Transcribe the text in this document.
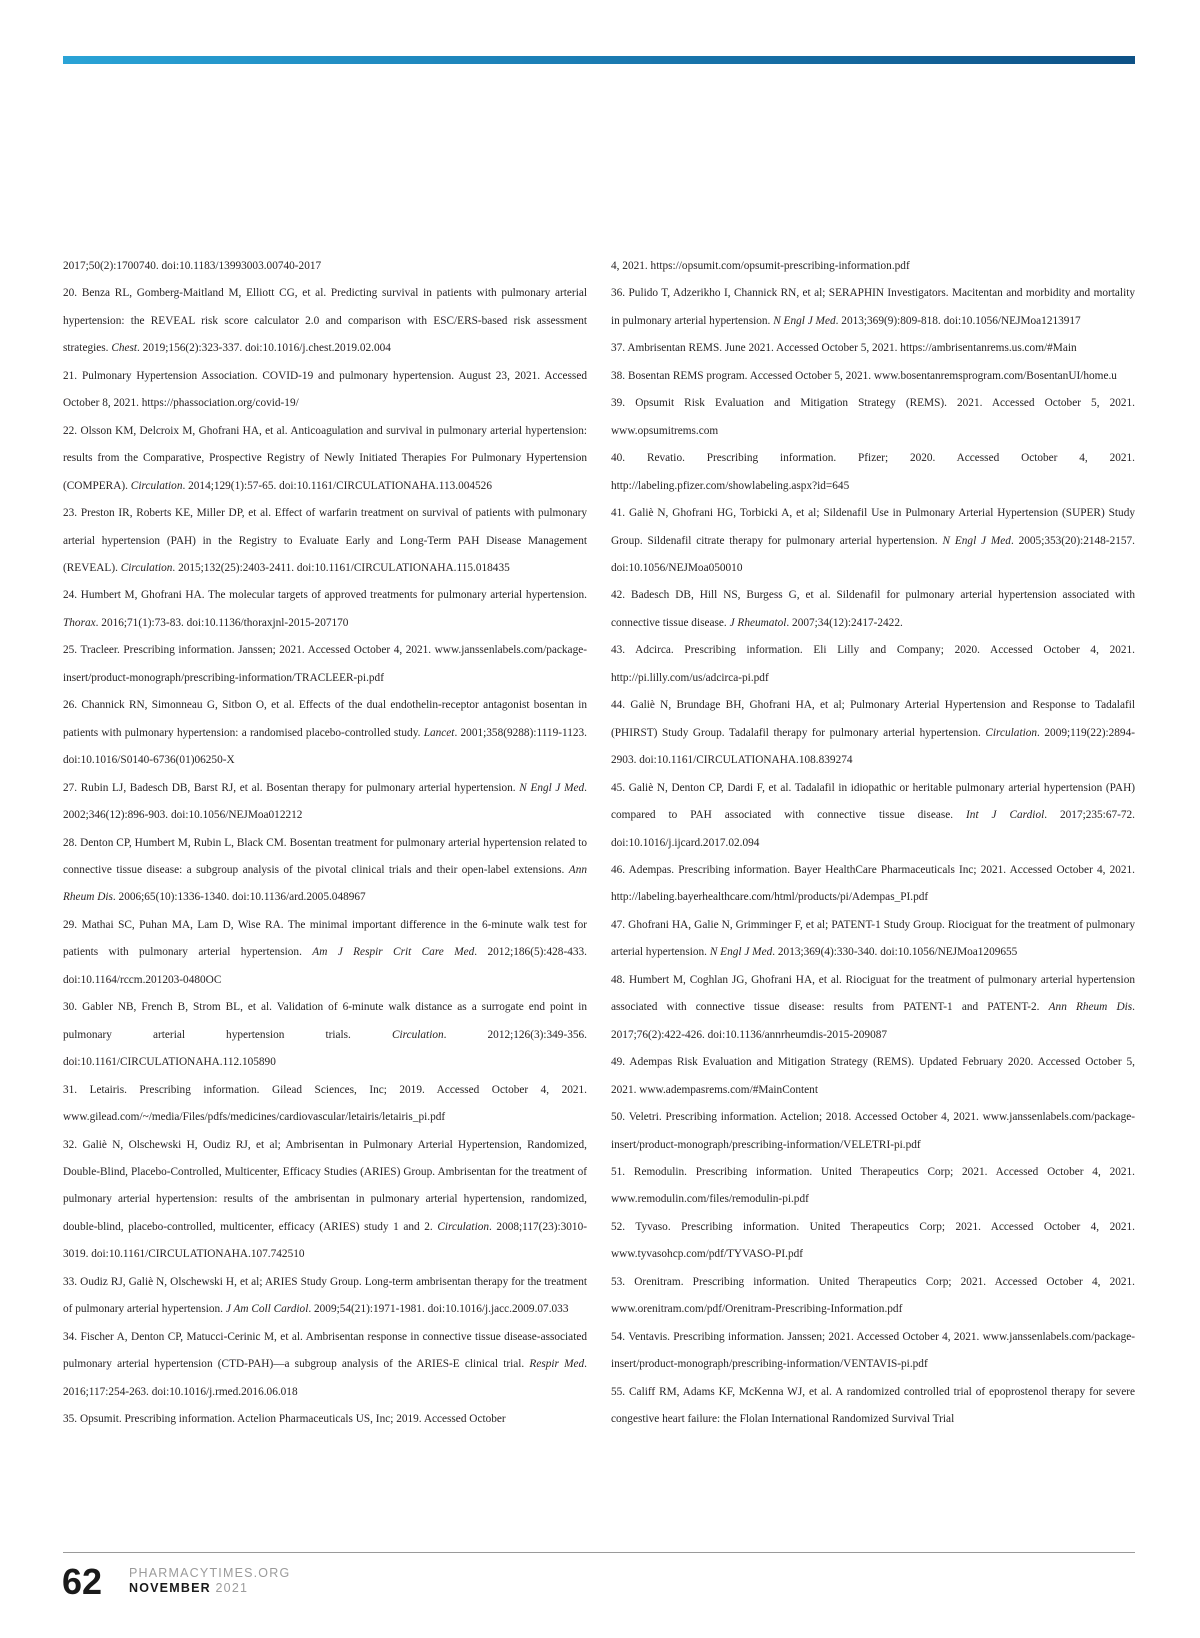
2017;50(2):1700740. doi:10.1183/13993003.00740-2017

20. Benza RL, Gomberg-Maitland M, Elliott CG, et al. Predicting survival in patients with pulmonary arterial hypertension: the REVEAL risk score calculator 2.0 and comparison with ESC/ERS-based risk assessment strategies. Chest. 2019;156(2):323-337. doi:10.1016/j.chest.2019.02.004

21. Pulmonary Hypertension Association. COVID-19 and pulmonary hypertension. August 23, 2021. Accessed October 8, 2021. https://phassociation.org/covid-19/

22. Olsson KM, Delcroix M, Ghofrani HA, et al. Anticoagulation and survival in pulmonary arterial hypertension: results from the Comparative, Prospective Registry of Newly Initiated Therapies For Pulmonary Hypertension (COMPERA). Circulation. 2014;129(1):57-65. doi:10.1161/CIRCULATIONAHA.113.004526

23. Preston IR, Roberts KE, Miller DP, et al. Effect of warfarin treatment on survival of patients with pulmonary arterial hypertension (PAH) in the Registry to Evaluate Early and Long-Term PAH Disease Management (REVEAL). Circulation. 2015;132(25):2403-2411. doi:10.1161/CIRCULATIONAHA.115.018435

24. Humbert M, Ghofrani HA. The molecular targets of approved treatments for pulmonary arterial hypertension. Thorax. 2016;71(1):73-83. doi:10.1136/thoraxjnl-2015-207170

25. Tracleer. Prescribing information. Janssen; 2021. Accessed October 4, 2021. www.janssenlabels.com/package-insert/product-monograph/prescribing-information/TRACLEER-pi.pdf

26. Channick RN, Simonneau G, Sitbon O, et al. Effects of the dual endothelin-receptor antagonist bosentan in patients with pulmonary hypertension: a randomised placebo-controlled study. Lancet. 2001;358(9288):1119-1123. doi:10.1016/S0140-6736(01)06250-X

27. Rubin LJ, Badesch DB, Barst RJ, et al. Bosentan therapy for pulmonary arterial hypertension. N Engl J Med. 2002;346(12):896-903. doi:10.1056/NEJMoa012212

28. Denton CP, Humbert M, Rubin L, Black CM. Bosentan treatment for pulmonary arterial hypertension related to connective tissue disease: a subgroup analysis of the pivotal clinical trials and their open-label extensions. Ann Rheum Dis. 2006;65(10):1336-1340. doi:10.1136/ard.2005.048967

29. Mathai SC, Puhan MA, Lam D, Wise RA. The minimal important difference in the 6-minute walk test for patients with pulmonary arterial hypertension. Am J Respir Crit Care Med. 2012;186(5):428-433. doi:10.1164/rccm.201203-0480OC

30. Gabler NB, French B, Strom BL, et al. Validation of 6-minute walk distance as a surrogate end point in pulmonary arterial hypertension trials. Circulation. 2012;126(3):349-356. doi:10.1161/CIRCULATIONAHA.112.105890

31. Letairis. Prescribing information. Gilead Sciences, Inc; 2019. Accessed October 4, 2021. www.gilead.com/~/media/Files/pdfs/medicines/cardiovascular/letairis/letairis_pi.pdf

32. Galiè N, Olschewski H, Oudiz RJ, et al; Ambrisentan in Pulmonary Arterial Hypertension, Randomized, Double-Blind, Placebo-Controlled, Multicenter, Efficacy Studies (ARIES) Group. Ambrisentan for the treatment of pulmonary arterial hypertension: results of the ambrisentan in pulmonary arterial hypertension, randomized, double-blind, placebo-controlled, multicenter, efficacy (ARIES) study 1 and 2. Circulation. 2008;117(23):3010-3019. doi:10.1161/CIRCULATIONAHA.107.742510

33. Oudiz RJ, Galiè N, Olschewski H, et al; ARIES Study Group. Long-term ambrisentan therapy for the treatment of pulmonary arterial hypertension. J Am Coll Cardiol. 2009;54(21):1971-1981. doi:10.1016/j.jacc.2009.07.033

34. Fischer A, Denton CP, Matucci-Cerinic M, et al. Ambrisentan response in connective tissue disease-associated pulmonary arterial hypertension (CTD-PAH)—a subgroup analysis of the ARIES-E clinical trial. Respir Med. 2016;117:254-263. doi:10.1016/j.rmed.2016.06.018

35. Opsumit. Prescribing information. Actelion Pharmaceuticals US, Inc; 2019. Accessed October

4, 2021. https://opsumit.com/opsumit-prescribing-information.pdf

36. Pulido T, Adzerikho I, Channick RN, et al; SERAPHIN Investigators. Macitentan and morbidity and mortality in pulmonary arterial hypertension. N Engl J Med. 2013;369(9):809-818. doi:10.1056/NEJMoa1213917

37. Ambrisentan REMS. June 2021. Accessed October 5, 2021. https://ambrisentanrems.us.com/#Main

38. Bosentan REMS program. Accessed October 5, 2021. www.bosentanremsprogram.com/BosentanUI/home.u

39. Opsumit Risk Evaluation and Mitigation Strategy (REMS). 2021. Accessed October 5, 2021. www.opsumitrems.com

40. Revatio. Prescribing information. Pfizer; 2020. Accessed October 4, 2021. http://labeling.pfizer.com/showlabeling.aspx?id=645

41. Galiè N, Ghofrani HG, Torbicki A, et al; Sildenafil Use in Pulmonary Arterial Hypertension (SUPER) Study Group. Sildenafil citrate therapy for pulmonary arterial hypertension. N Engl J Med. 2005;353(20):2148-2157. doi:10.1056/NEJMoa050010

42. Badesch DB, Hill NS, Burgess G, et al. Sildenafil for pulmonary arterial hypertension associated with connective tissue disease. J Rheumatol. 2007;34(12):2417-2422.

43. Adcirca. Prescribing information. Eli Lilly and Company; 2020. Accessed October 4, 2021. http://pi.lilly.com/us/adcirca-pi.pdf

44. Galiè N, Brundage BH, Ghofrani HA, et al; Pulmonary Arterial Hypertension and Response to Tadalafil (PHIRST) Study Group. Tadalafil therapy for pulmonary arterial hypertension. Circulation. 2009;119(22):2894-2903. doi:10.1161/CIRCULATIONAHA.108.839274

45. Galiè N, Denton CP, Dardi F, et al. Tadalafil in idiopathic or heritable pulmonary arterial hypertension (PAH) compared to PAH associated with connective tissue disease. Int J Cardiol. 2017;235:67-72. doi:10.1016/j.ijcard.2017.02.094

46. Adempas. Prescribing information. Bayer HealthCare Pharmaceuticals Inc; 2021. Accessed October 4, 2021. http://labeling.bayerhealthcare.com/html/products/pi/Adempas_PI.pdf

47. Ghofrani HA, Galie N, Grimminger F, et al; PATENT-1 Study Group. Riociguat for the treatment of pulmonary arterial hypertension. N Engl J Med. 2013;369(4):330-340. doi:10.1056/NEJMoa1209655

48. Humbert M, Coghlan JG, Ghofrani HA, et al. Riociguat for the treatment of pulmonary arterial hypertension associated with connective tissue disease: results from PATENT-1 and PATENT-2. Ann Rheum Dis. 2017;76(2):422-426. doi:10.1136/annrheumdis-2015-209087

49. Adempas Risk Evaluation and Mitigation Strategy (REMS). Updated February 2020. Accessed October 5, 2021. www.adempasrems.com/#MainContent

50. Veletri. Prescribing information. Actelion; 2018. Accessed October 4, 2021. www.janssenlabels.com/package-insert/product-monograph/prescribing-information/VELETRI-pi.pdf

51. Remodulin. Prescribing information. United Therapeutics Corp; 2021. Accessed October 4, 2021. www.remodulin.com/files/remodulin-pi.pdf

52. Tyvaso. Prescribing information. United Therapeutics Corp; 2021. Accessed October 4, 2021. www.tyvasohcp.com/pdf/TYVASO-PI.pdf

53. Orenitram. Prescribing information. United Therapeutics Corp; 2021. Accessed October 4, 2021. www.orenitram.com/pdf/Orenitram-Prescribing-Information.pdf

54. Ventavis. Prescribing information. Janssen; 2021. Accessed October 4, 2021. www.janssenlabels.com/package-insert/product-monograph/prescribing-information/VENTAVIS-pi.pdf

55. Califf RM, Adams KF, McKenna WJ, et al. A randomized controlled trial of epoprostenol therapy for severe congestive heart failure: the Flolan International Randomized Survival Trial

62 PHARMACYTIMES.ORG
NOVEMBER 2021
